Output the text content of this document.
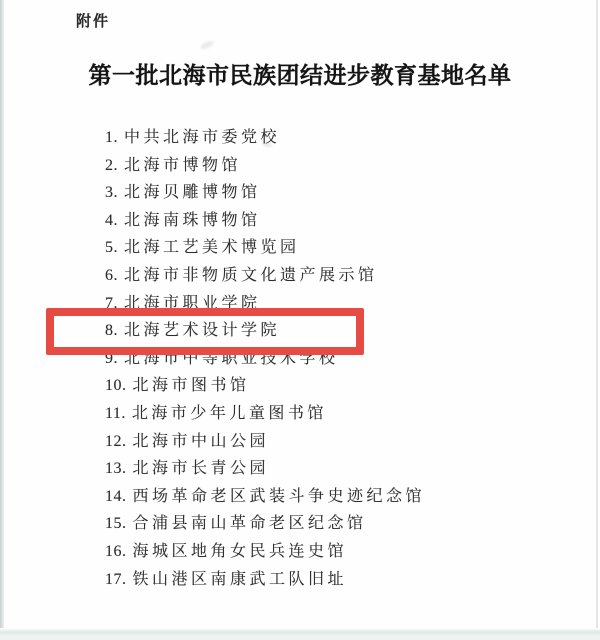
附件
第一批北海市民族团结进步教育基地名单
1. 中共北海市委党校
2. 北海市博物馆
3. 北海贝雕博物馆
4. 北海南珠博物馆
5. 北海工艺美术博览园
6. 北海市非物质文化遗产展示馆
7. 北海市职业学院
8. 北海艺术设计学院
9. 北海市中等职业技术学校
10. 北海市图书馆
11. 北海市少年儿童图书馆
12. 北海市中山公园
13. 北海市长青公园
14. 西场革命老区武装斗争史迹纪念馆
15. 合浦县南山革命老区纪念馆
16. 海城区地角女民兵连史馆
17. 铁山港区南康武工队旧址
